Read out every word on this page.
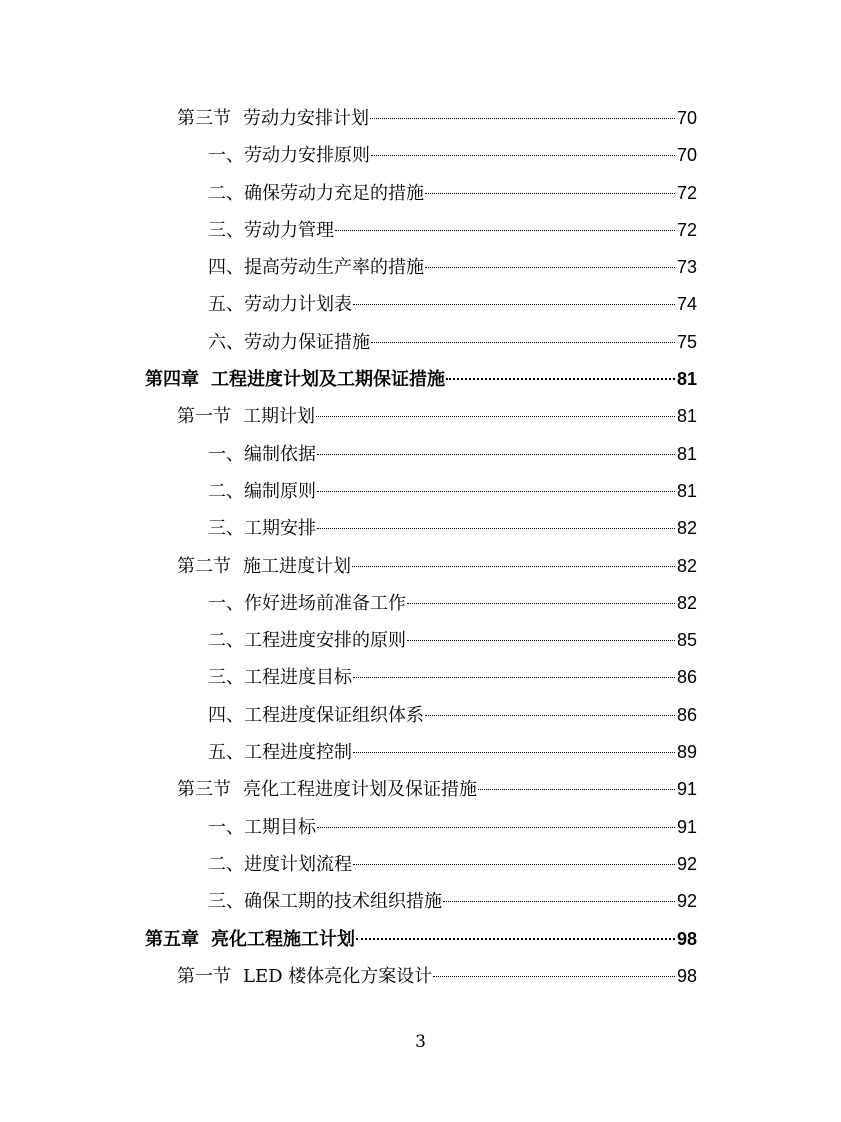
第三节 劳动力安排计划	70
一、劳动力安排原则	70
二、确保劳动力充足的措施	72
三、劳动力管理	72
四、提高劳动生产率的措施	73
五、劳动力计划表	74
六、劳动力保证措施	75
第四章 工程进度计划及工期保证措施	81
第一节 工期计划	81
一、编制依据	81
二、编制原则	81
三、工期安排	82
第二节 施工进度计划	82
一、作好进场前准备工作	82
二、工程进度安排的原则	85
三、工程进度目标	86
四、工程进度保证组织体系	86
五、工程进度控制	89
第三节 亮化工程进度计划及保证措施	91
一、工期目标	91
二、进度计划流程	92
三、确保工期的技术组织措施	92
第五章 亮化工程施工计划	98
第一节 LED 楼体亮化方案设计	98
3
